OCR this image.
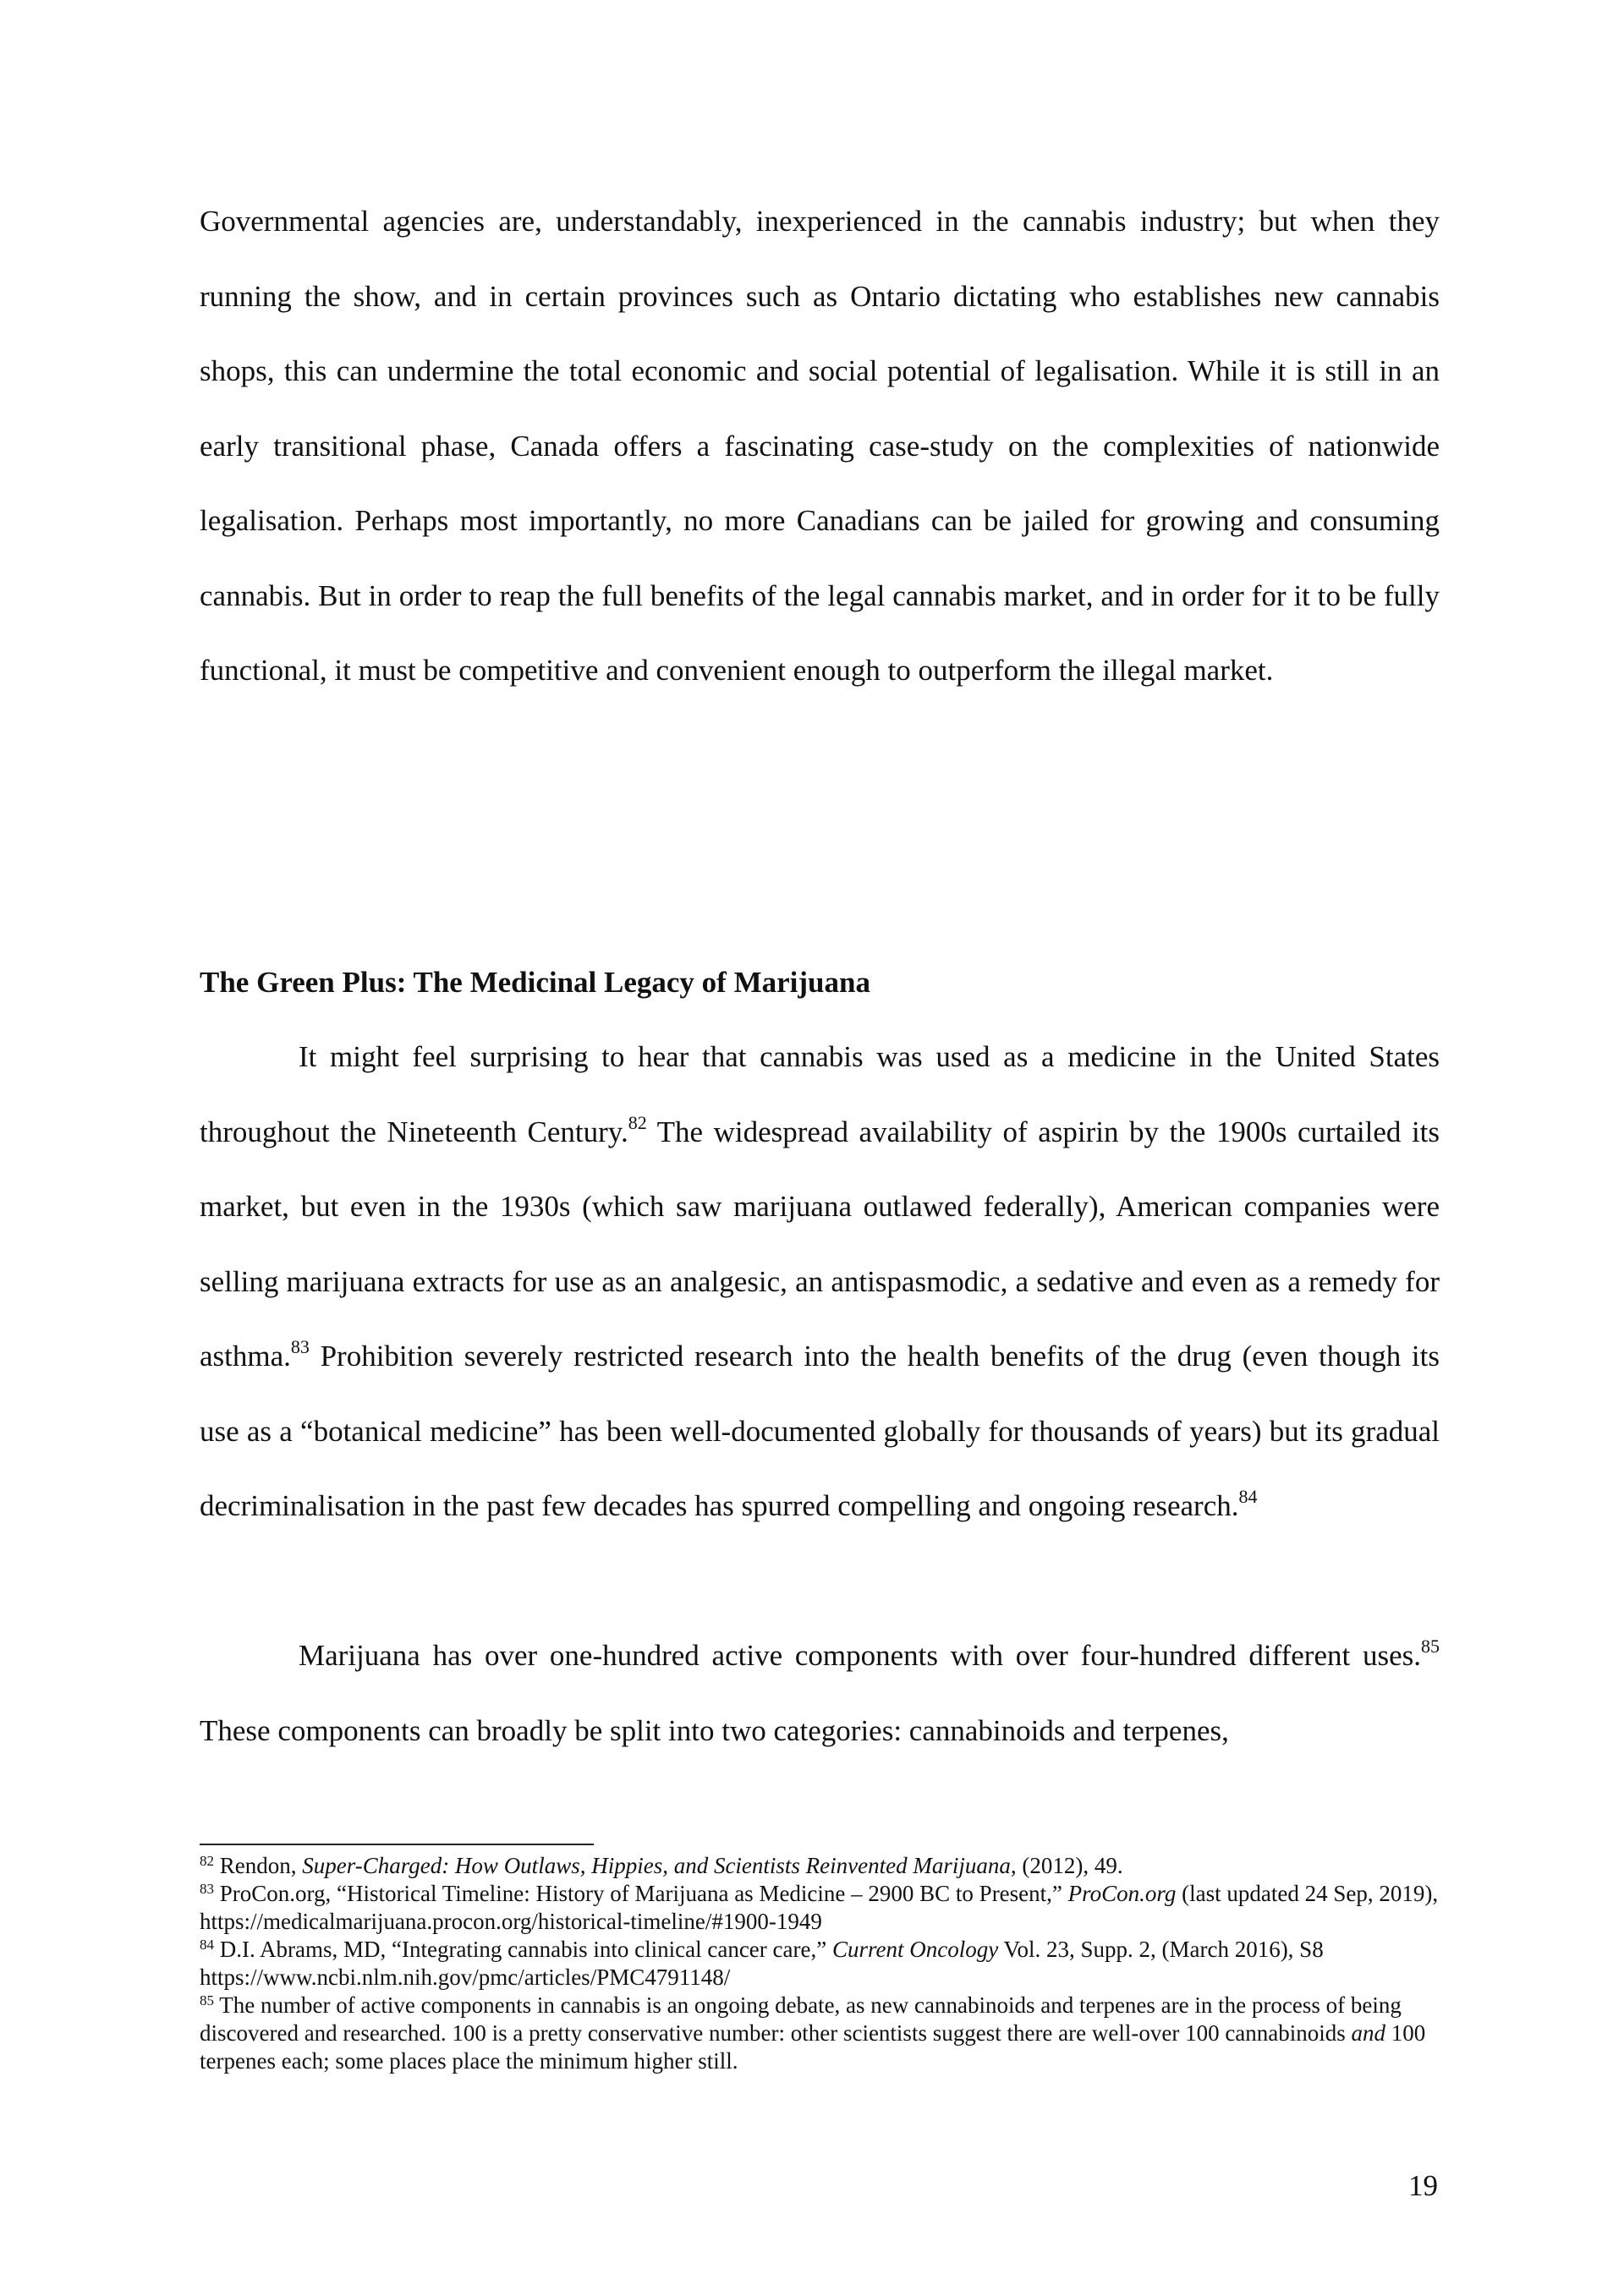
Governmental agencies are, understandably, inexperienced in the cannabis industry; but when they running the show, and in certain provinces such as Ontario dictating who establishes new cannabis shops, this can undermine the total economic and social potential of legalisation. While it is still in an early transitional phase, Canada offers a fascinating case-study on the complexities of nationwide legalisation. Perhaps most importantly, no more Canadians can be jailed for growing and consuming cannabis. But in order to reap the full benefits of the legal cannabis market, and in order for it to be fully functional, it must be competitive and convenient enough to outperform the illegal market.

The Green Plus: The Medicinal Legacy of Marijuana

It might feel surprising to hear that cannabis was used as a medicine in the United States throughout the Nineteenth Century.$^{82}$ The widespread availability of aspirin by the 1900s curtailed its market, but even in the 1930s (which saw marijuana outlawed federally), American companies were selling marijuana extracts for use as an analgesic, an antispasmodic, a sedative and even as a remedy for asthma.$^{83}$ Prohibition severely restricted research into the health benefits of the drug (even though its use as a “botanical medicine” has been well-documented globally for thousands of years) but its gradual decriminalisation in the past few decades has spurred compelling and ongoing research.$^{84}$

Marijuana has over one-hundred active components with over four-hundred different uses.$^{85}$ These components can broadly be split into two categories: cannabinoids and terpenes,

$^{82}$ Rendon, Super-Charged: How Outlaws, Hippies, and Scientists Reinvented Marijuana, (2012), 49.

$^{83}$ ProCon.org, “Historical Timeline: History of Marijuana as Medicine – 2900 BC to Present,” ProCon.org (last updated 24 Sep, 2019), https://medicalmarijuana.procon.org/historical-timeline/#1900-1949

$^{84}$ D.I. Abrams, MD, “Integrating cannabis into clinical cancer care,” Current Oncology Vol. 23, Supp. 2, (March 2016), S8 https://www.ncbi.nlm.nih.gov/pmc/articles/PMC4791148/

$^{85}$ The number of active components in cannabis is an ongoing debate, as new cannabinoids and terpenes are in the process of being discovered and researched. 100 is a pretty conservative number: other scientists suggest there are well-over 100 cannabinoids and 100 terpenes each; some places place the minimum higher still.

19
